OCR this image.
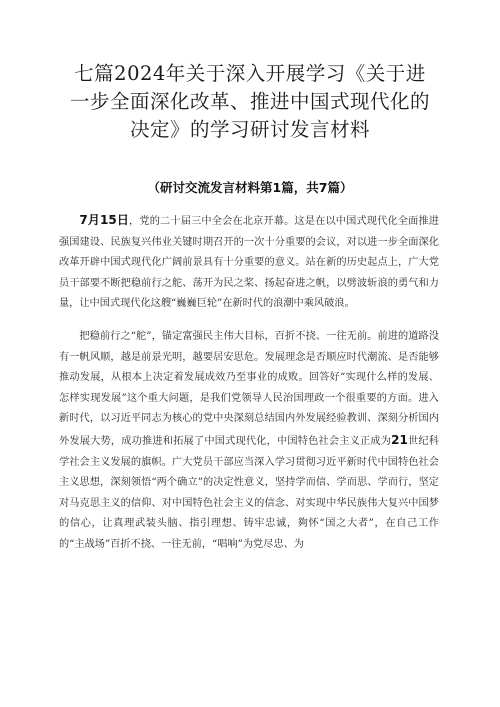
七篇2024年关于深入开展学习《关于进一步全面深化改革、推进中国式现代化的决定》的学习研讨发言材料
（研讨交流发言材料第1篇，共7篇）

7月15日，党的二十届三中全会在北京开幕。这是在以中国式现代化全面推进强国建设、民族复兴伟业关键时期召开的一次十分重要的会议，对以进一步全面深化改革开辟中国式现代化广阔前景具有十分重要的意义。站在新的历史起点上，广大党员干部要不断把稳前行之舵、荡开为民之桨、扬起奋进之帆，以劈波斩浪的勇气和力量，让中国式现代化这艘“巍巍巨轮”在新时代的浪潮中乘风破浪。

把稳前行之“舵”，锚定富强民主伟大目标，百折不挠、一往无前。前进的道路没有一帆风顺，越是前景光明，越要居安思危。发展理念是否顺应时代潮流、是否能够推动发展，从根本上决定着发展成效乃至事业的成败。回答好“实现什么样的发展、怎样实现发展”这个重大问题，是我们党领导人民治国理政一个很重要的方面。进入新时代，以习近平同志为核心的党中央深刻总结国内外发展经验教训、深刻分析国内外发展大势，成功推进和拓展了中国式现代化，中国特色社会主义正成为21世纪科学社会主义发展的旗帜。广大党员干部应当深入学习贯彻习近平新时代中国特色社会主义思想，深刻领悟“两个确立”的决定性意义，坚持学而信、学而思、学而行，坚定对马克思主义的信仰、对中国特色社会主义的信念、对实现中华民族伟大复兴中国梦的信心，让真理武装头脑、指引理想、铸牢忠诚，夠怀“国之大者”，在自己工作的“主战场”百折不挠、一往无前，“唱响”为党尽忠、为
